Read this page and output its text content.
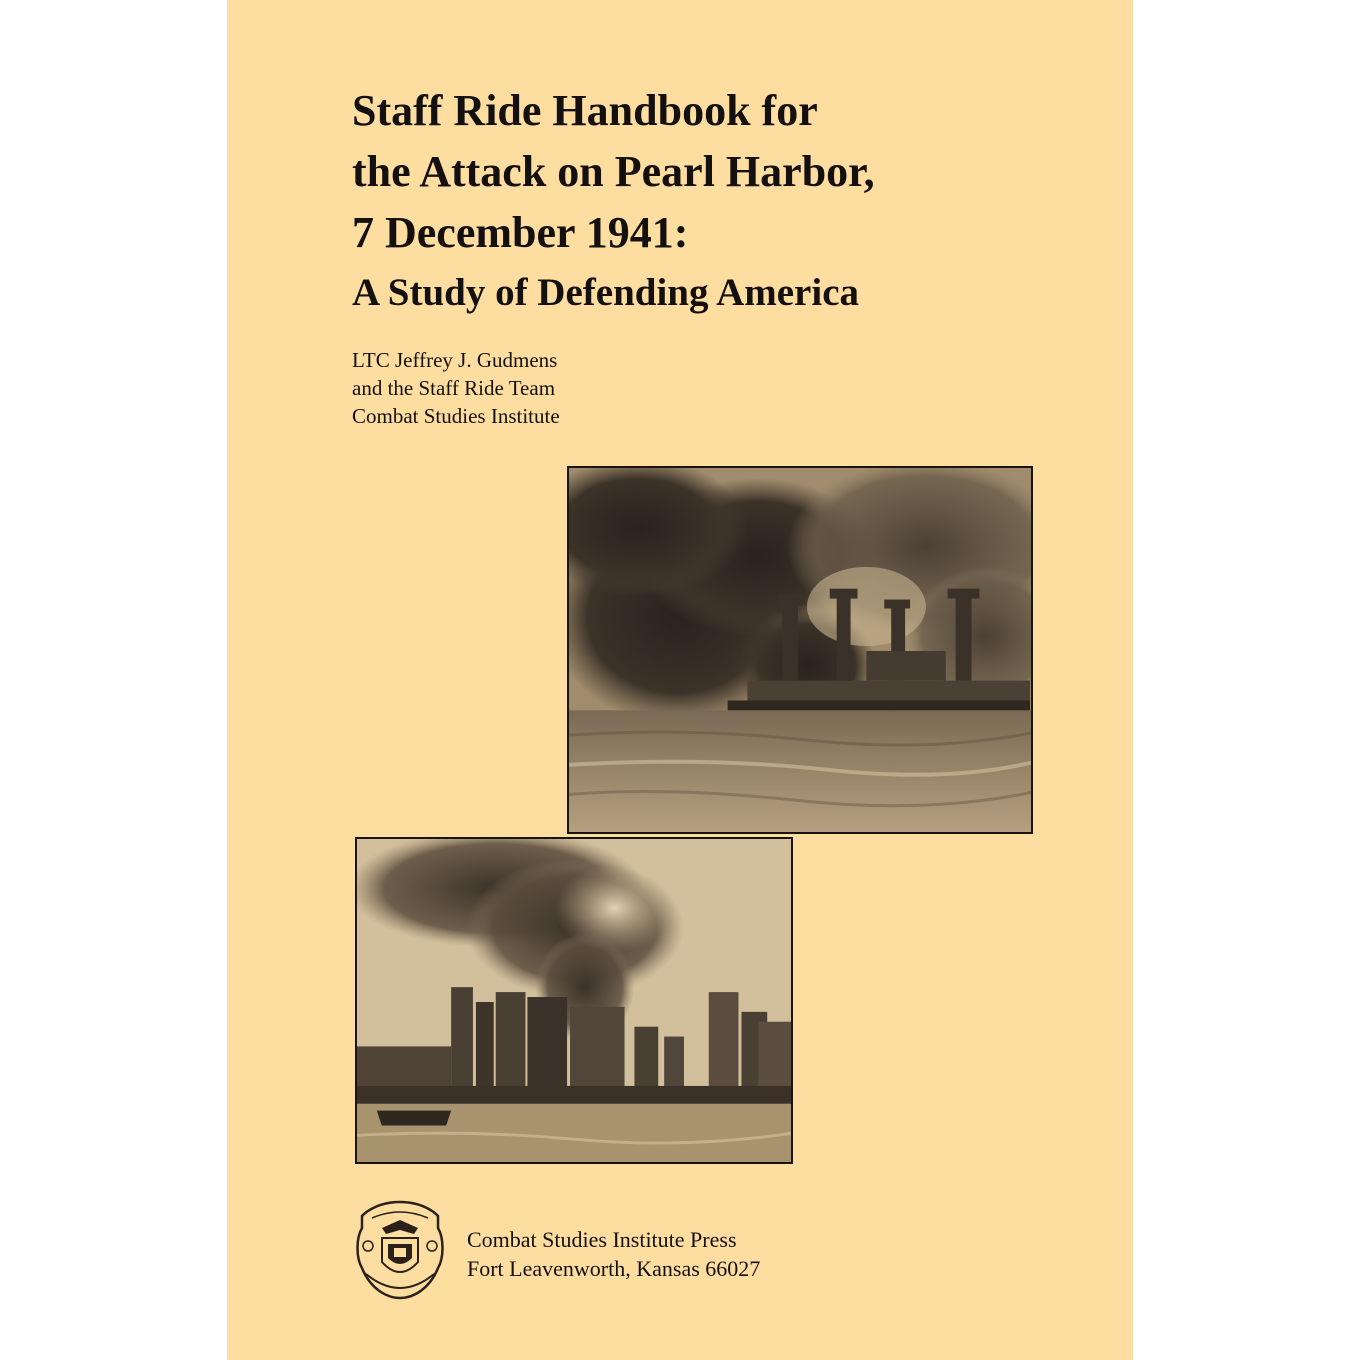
Staff Ride Handbook for
the Attack on Pearl Harbor,
7 December 1941:
A Study of Defending America
LTC Jeffrey J. Gudmens
and the Staff Ride Team
Combat Studies Institute
Combat Studies Institute Press
Fort Leavenworth, Kansas 66027
